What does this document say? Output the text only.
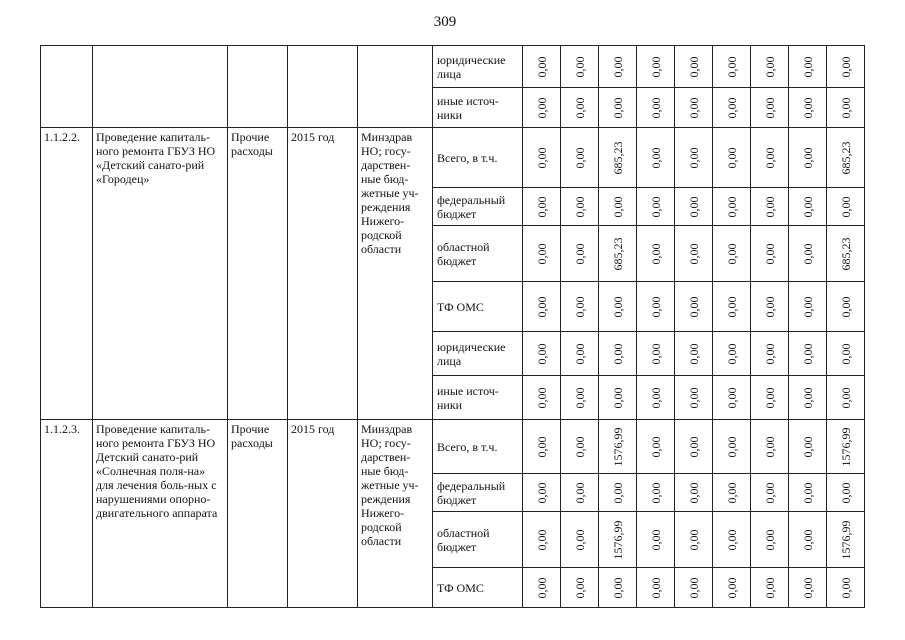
309
					юридические лица	0,00	0,00	0,00	0,00	0,00	0,00	0,00	0,00	0,00

					иные источ-ники	0,00	0,00	0,00	0,00	0,00	0,00	0,00	0,00	0,00

1.1.2.2.	Проведение капиталь-ного ремонта ГБУЗ НО «Детский санато-рий «Городец»	Прочие расходы	2015 год	Минздрав НО; госу-дарствен-ные бюд-жетные уч-реждения Нижего-родской области	Всего, в т.ч.	0,00	0,00	685,23	0,00	0,00	0,00	0,00	0,00	685,23

					федеральный бюджет	0,00	0,00	0,00	0,00	0,00	0,00	0,00	0,00	0,00

					областной бюджет	0,00	0,00	685,23	0,00	0,00	0,00	0,00	0,00	685,23

					ТФ ОМС	0,00	0,00	0,00	0,00	0,00	0,00	0,00	0,00	0,00

					юридические лица	0,00	0,00	0,00	0,00	0,00	0,00	0,00	0,00	0,00

					иные источ-ники	0,00	0,00	0,00	0,00	0,00	0,00	0,00	0,00	0,00

1.1.2.3.	Проведение капиталь-ного ремонта ГБУЗ НО Детский санато-рий «Солнечная поля-на» для лечения боль-ных с нарушениями опорно-двигательного аппарата	Прочие расходы	2015 год	Минздрав НО; госу-дарствен-ные бюд-жетные уч-реждения Нижего-родской области	Всего, в т.ч.	0,00	0,00	1576,99	0,00	0,00	0,00	0,00	0,00	1576,99

					федеральный бюджет	0,00	0,00	0,00	0,00	0,00	0,00	0,00	0,00	0,00

					областной бюджет	0,00	0,00	1576,99	0,00	0,00	0,00	0,00	0,00	1576,99

					ТФ ОМС	0,00	0,00	0,00	0,00	0,00	0,00	0,00	0,00	0,00
